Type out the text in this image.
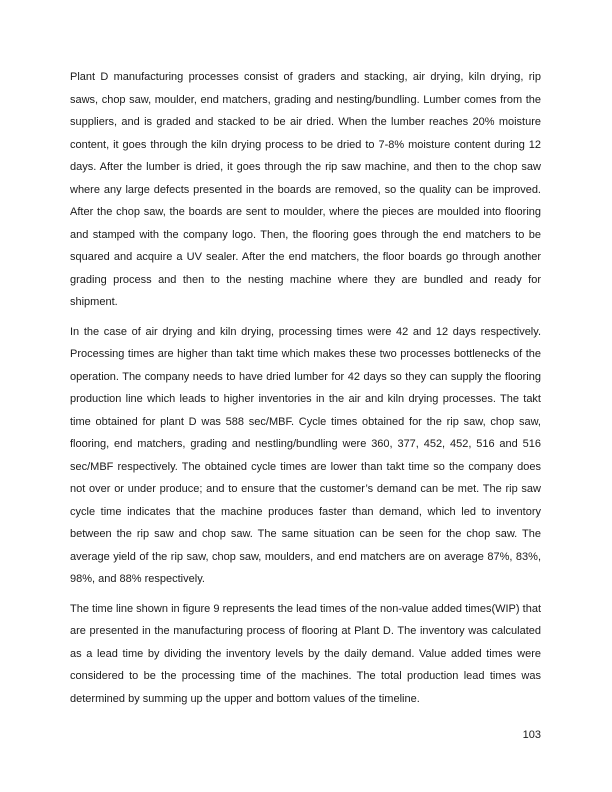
Plant D manufacturing processes consist of graders and stacking, air drying, kiln drying, rip saws, chop saw, moulder, end matchers, grading and nesting/bundling. Lumber comes from the suppliers, and is graded and stacked to be air dried. When the lumber reaches 20% moisture content, it goes through the kiln drying process to be dried to 7-8% moisture content during 12 days. After the lumber is dried, it goes through the rip saw machine, and then to the chop saw where any large defects presented in the boards are removed, so the quality can be improved. After the chop saw, the boards are sent to moulder, where the pieces are moulded into flooring and stamped with the company logo. Then, the flooring goes through the end matchers to be squared and acquire a UV sealer. After the end matchers, the floor boards go through another grading process and then to the nesting machine where they are bundled and ready for shipment.

In the case of air drying and kiln drying, processing times were 42 and 12 days respectively. Processing times are higher than takt time which makes these two processes bottlenecks of the operation. The company needs to have dried lumber for 42 days so they can supply the flooring production line which leads to higher inventories in the air and kiln drying processes. The takt time obtained for plant D was 588 sec/MBF. Cycle times obtained for the rip saw, chop saw, flooring, end matchers, grading and nestling/bundling were 360, 377, 452, 452, 516 and 516 sec/MBF respectively. The obtained cycle times are lower than takt time so the company does not over or under produce; and to ensure that the customer’s demand can be met. The rip saw cycle time indicates that the machine produces faster than demand, which led to inventory between the rip saw and chop saw. The same situation can be seen for the chop saw. The average yield of the rip saw, chop saw, moulders, and end matchers are on average 87%, 83%, 98%, and 88% respectively.

The time line shown in figure 9 represents the lead times of the non-value added times(WIP) that are presented in the manufacturing process of flooring at Plant D. The inventory was calculated as a lead time by dividing the inventory levels by the daily demand. Value added times were considered to be the processing time of the machines. The total production lead times was determined by summing up the upper and bottom values of the timeline.

103
